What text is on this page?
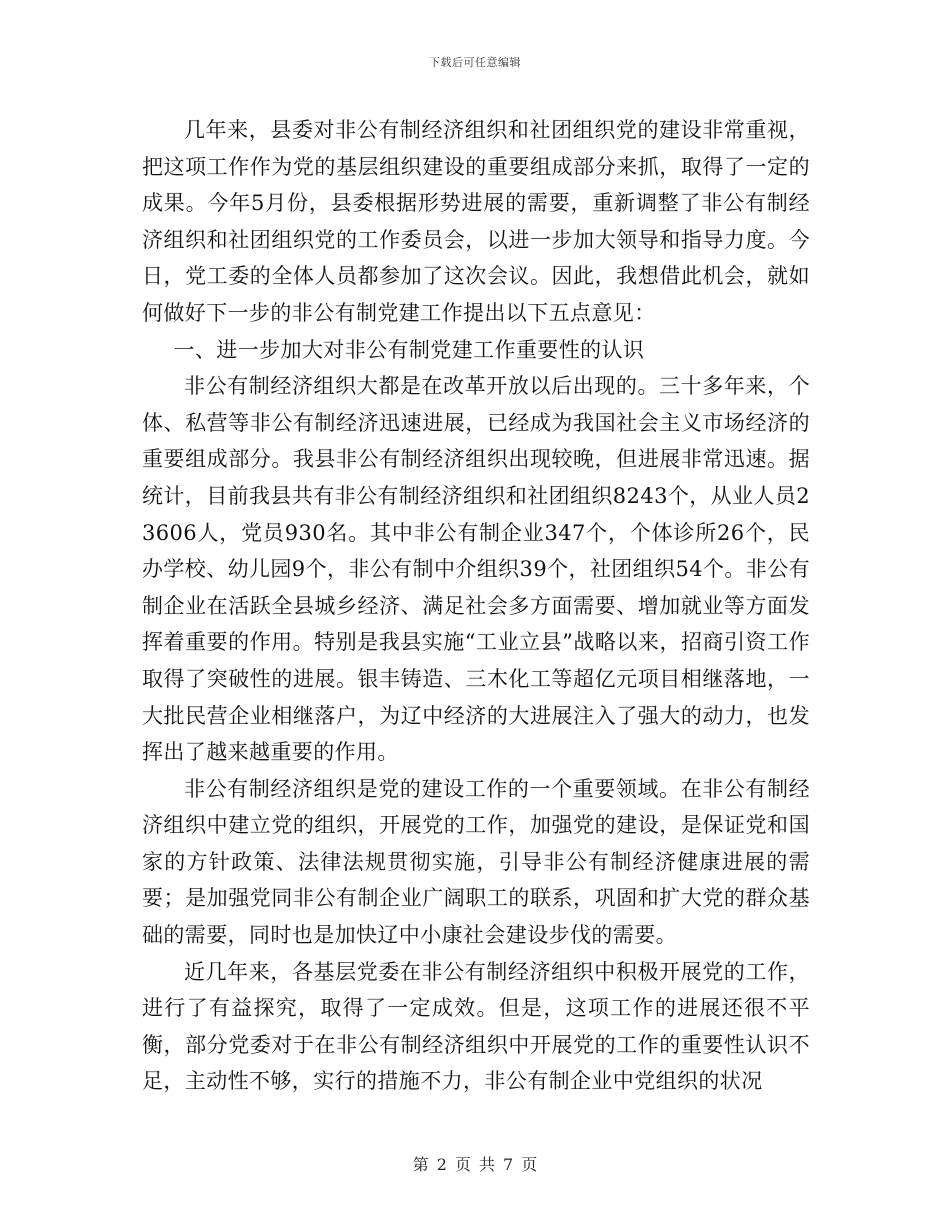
下载后可任意编辑

几年来，县委对非公有制经济组织和社团组织党的建设非常重视，把这项工作作为党的基层组织建设的重要组成部分来抓，取得了一定的成果。今年5月份，县委根据形势进展的需要，重新调整了非公有制经济组织和社团组织党的工作委员会，以进一步加大领导和指导力度。今日，党工委的全体人员都参加了这次会议。因此，我想借此机会，就如何做好下一步的非公有制党建工作提出以下五点意见：

一、进一步加大对非公有制党建工作重要性的认识

非公有制经济组织大都是在改革开放以后出现的。三十多年来，个体、私营等非公有制经济迅速进展，已经成为我国社会主义市场经济的重要组成部分。我县非公有制经济组织出现较晚，但进展非常迅速。据统计，目前我县共有非公有制经济组织和社团组织8243个，从业人员23606人，党员930名。其中非公有制企业347个，个体诊所26个，民办学校、幼儿园9个，非公有制中介组织39个，社团组织54个。非公有制企业在活跃全县城乡经济、满足社会多方面需要、增加就业等方面发挥着重要的作用。特别是我县实施“工业立县”战略以来，招商引资工作取得了突破性的进展。银丰铸造、三木化工等超亿元项目相继落地，一大批民营企业相继落户，为辽中经济的大进展注入了强大的动力，也发挥出了越来越重要的作用。

非公有制经济组织是党的建设工作的一个重要领域。在非公有制经济组织中建立党的组织，开展党的工作，加强党的建设，是保证党和国家的方针政策、法律法规贯彻实施，引导非公有制经济健康进展的需要；是加强党同非公有制企业广阔职工的联系，巩固和扩大党的群众基础的需要，同时也是加快辽中小康社会建设步伐的需要。

近几年来，各基层党委在非公有制经济组织中积极开展党的工作，进行了有益探究，取得了一定成效。但是，这项工作的进展还很不平衡，部分党委对于在非公有制经济组织中开展党的工作的重要性认识不足，主动性不够，实行的措施不力，非公有制企业中党组织的状况

第 2 页 共 7 页
